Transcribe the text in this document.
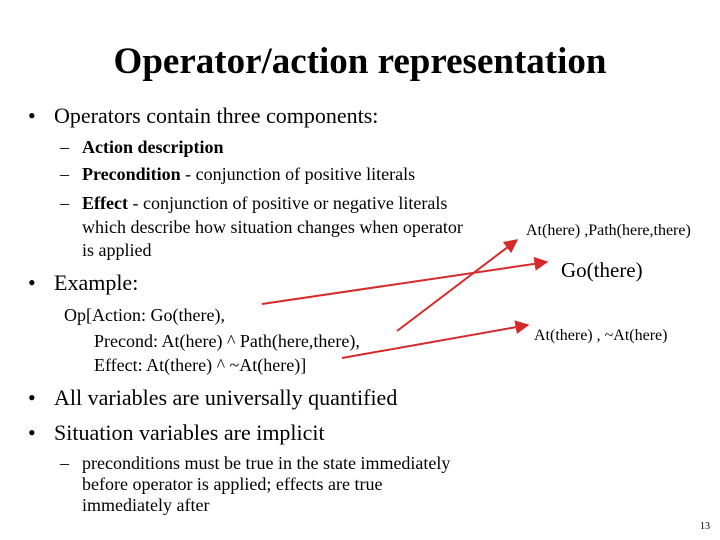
Operator/action representation
• Operators contain three components:
– Action description
– Precondition - conjunction of positive literals
– Effect - conjunction of positive or negative literals
which describe how situation changes when operator
is applied
• Example:
Op[Action: Go(there),
Precond: At(here) ^ Path(here,there),
Effect: At(there) ^ ~At(here)]
• All variables are universally quantified
• Situation variables are implicit
– preconditions must be true in the state immediately
before operator is applied; effects are true
immediately after
At(here) ,Path(here,there)
Go(there)
At(there) , ~At(here)
13
